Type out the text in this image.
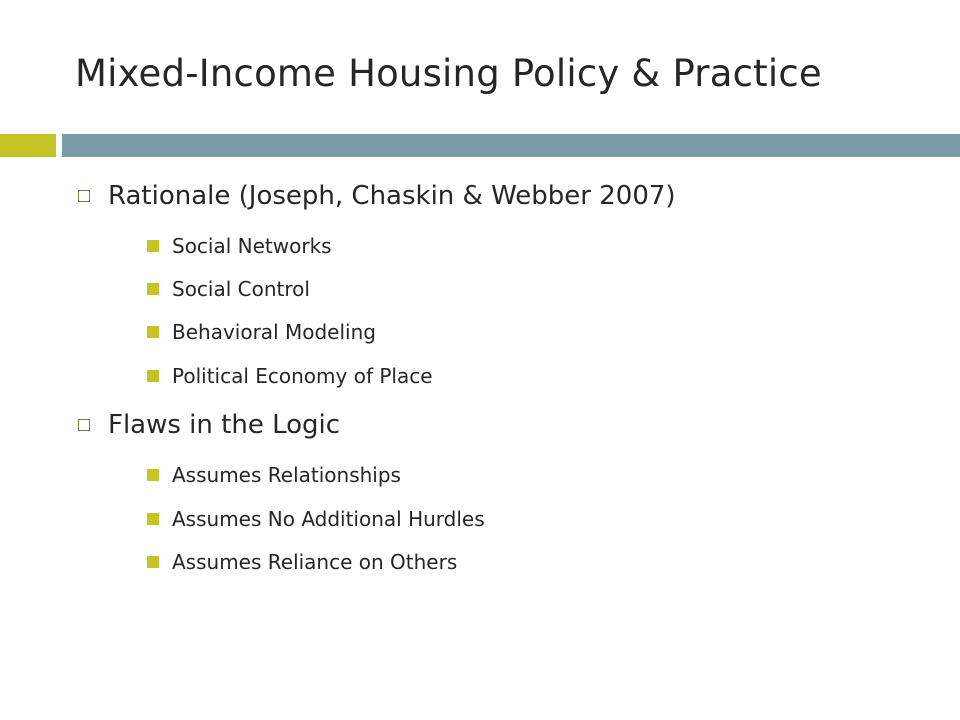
Mixed-Income Housing Policy & Practice
Rationale (Joseph, Chaskin & Webber 2007)
Social Networks
Social Control
Behavioral Modeling
Political Economy of Place
Flaws in the Logic
Assumes Relationships
Assumes No Additional Hurdles
Assumes Reliance on Others
